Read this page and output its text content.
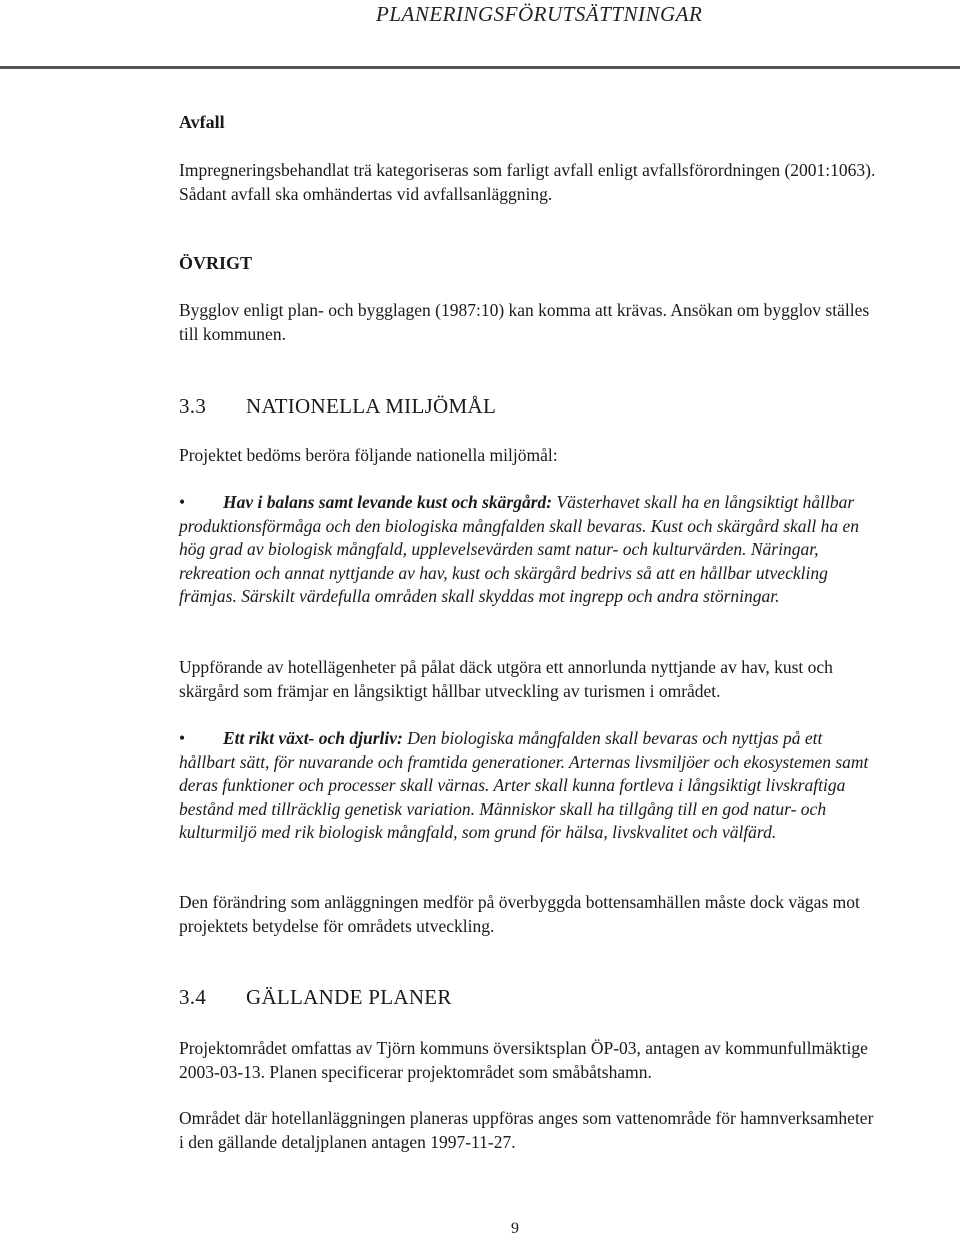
PLANERINGSFÖRUTSÄTTNINGAR
Avfall

Impregneringsbehandlat trä kategoriseras som farligt avfall enligt avfallsförordningen (2001:1063). Sådant avfall ska omhändertas vid avfallsanläggning.

ÖVRIGT

Bygglov enligt plan- och bygglagen (1987:10) kan komma att krävas. Ansökan om bygglov ställes till kommunen.

3.3 NATIONELLA MILJÖMÅL

Projektet bedöms beröra följande nationella miljömål:

• Hav i balans samt levande kust och skärgård: Västerhavet skall ha en långsiktigt hållbar produktionsförmåga och den biologiska mångfalden skall bevaras. Kust och skärgård skall ha en hög grad av biologisk mångfald, upplevelsevärden samt natur- och kulturvärden. Näringar, rekreation och annat nyttjande av hav, kust och skärgård bedrivs så att en hållbar utveckling främjas. Särskilt värdefulla områden skall skyddas mot ingrepp och andra störningar.

Uppförande av hotellägenheter på pålat däck utgöra ett annorlunda nyttjande av hav, kust och skärgård som främjar en långsiktigt hållbar utveckling av turismen i området.

• Ett rikt växt- och djurliv: Den biologiska mångfalden skall bevaras och nyttjas på ett hållbart sätt, för nuvarande och framtida generationer. Arternas livsmiljöer och ekosystemen samt deras funktioner och processer skall värnas. Arter skall kunna fortleva i långsiktigt livskraftiga bestånd med tillräcklig genetisk variation. Människor skall ha tillgång till en god natur- och kulturmiljö med rik biologisk mångfald, som grund för hälsa, livskvalitet och välfärd.

Den förändring som anläggningen medför på överbyggda bottensamhällen måste dock vägas mot projektets betydelse för områdets utveckling.

3.4 GÄLLANDE PLANER

Projektområdet omfattas av Tjörn kommuns översiktsplan ÖP-03, antagen av kommunfullmäktige 2003-03-13. Planen specificerar projektområdet som småbåtshamn.

Området där hotellanläggningen planeras uppföras anges som vattenområde för hamnverksamheter i den gällande detaljplanen antagen 1997-11-27.

9
